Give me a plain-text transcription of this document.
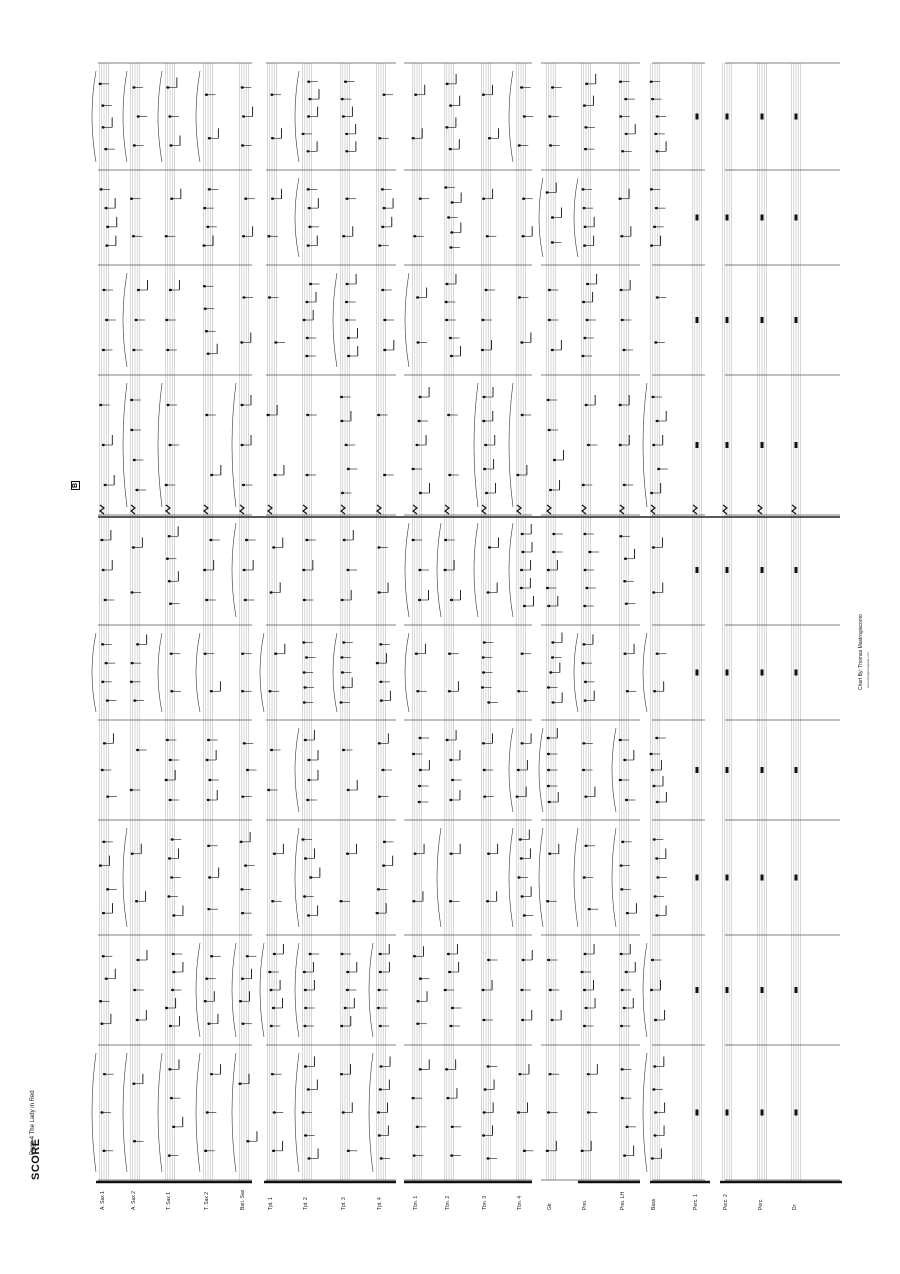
SCORE
Page 4 The Lady in Red
B
Chart By: Thomas Mastrogiacomo www.thebigbandguide.com
A. Sax 1	A. Sax 2	T. Sax 1	T. Sax 2	Bari. Sax	Tpt. 1	Tpt. 2	Tpt. 3	Tpt. 4	Tbn. 1	Tbn. 2	Tbn. 3	Tbn. 4	Gtr.	Pno.	Pno. LH	Bass	Perc. 1	Perc. 2	Perc.	Dr.
